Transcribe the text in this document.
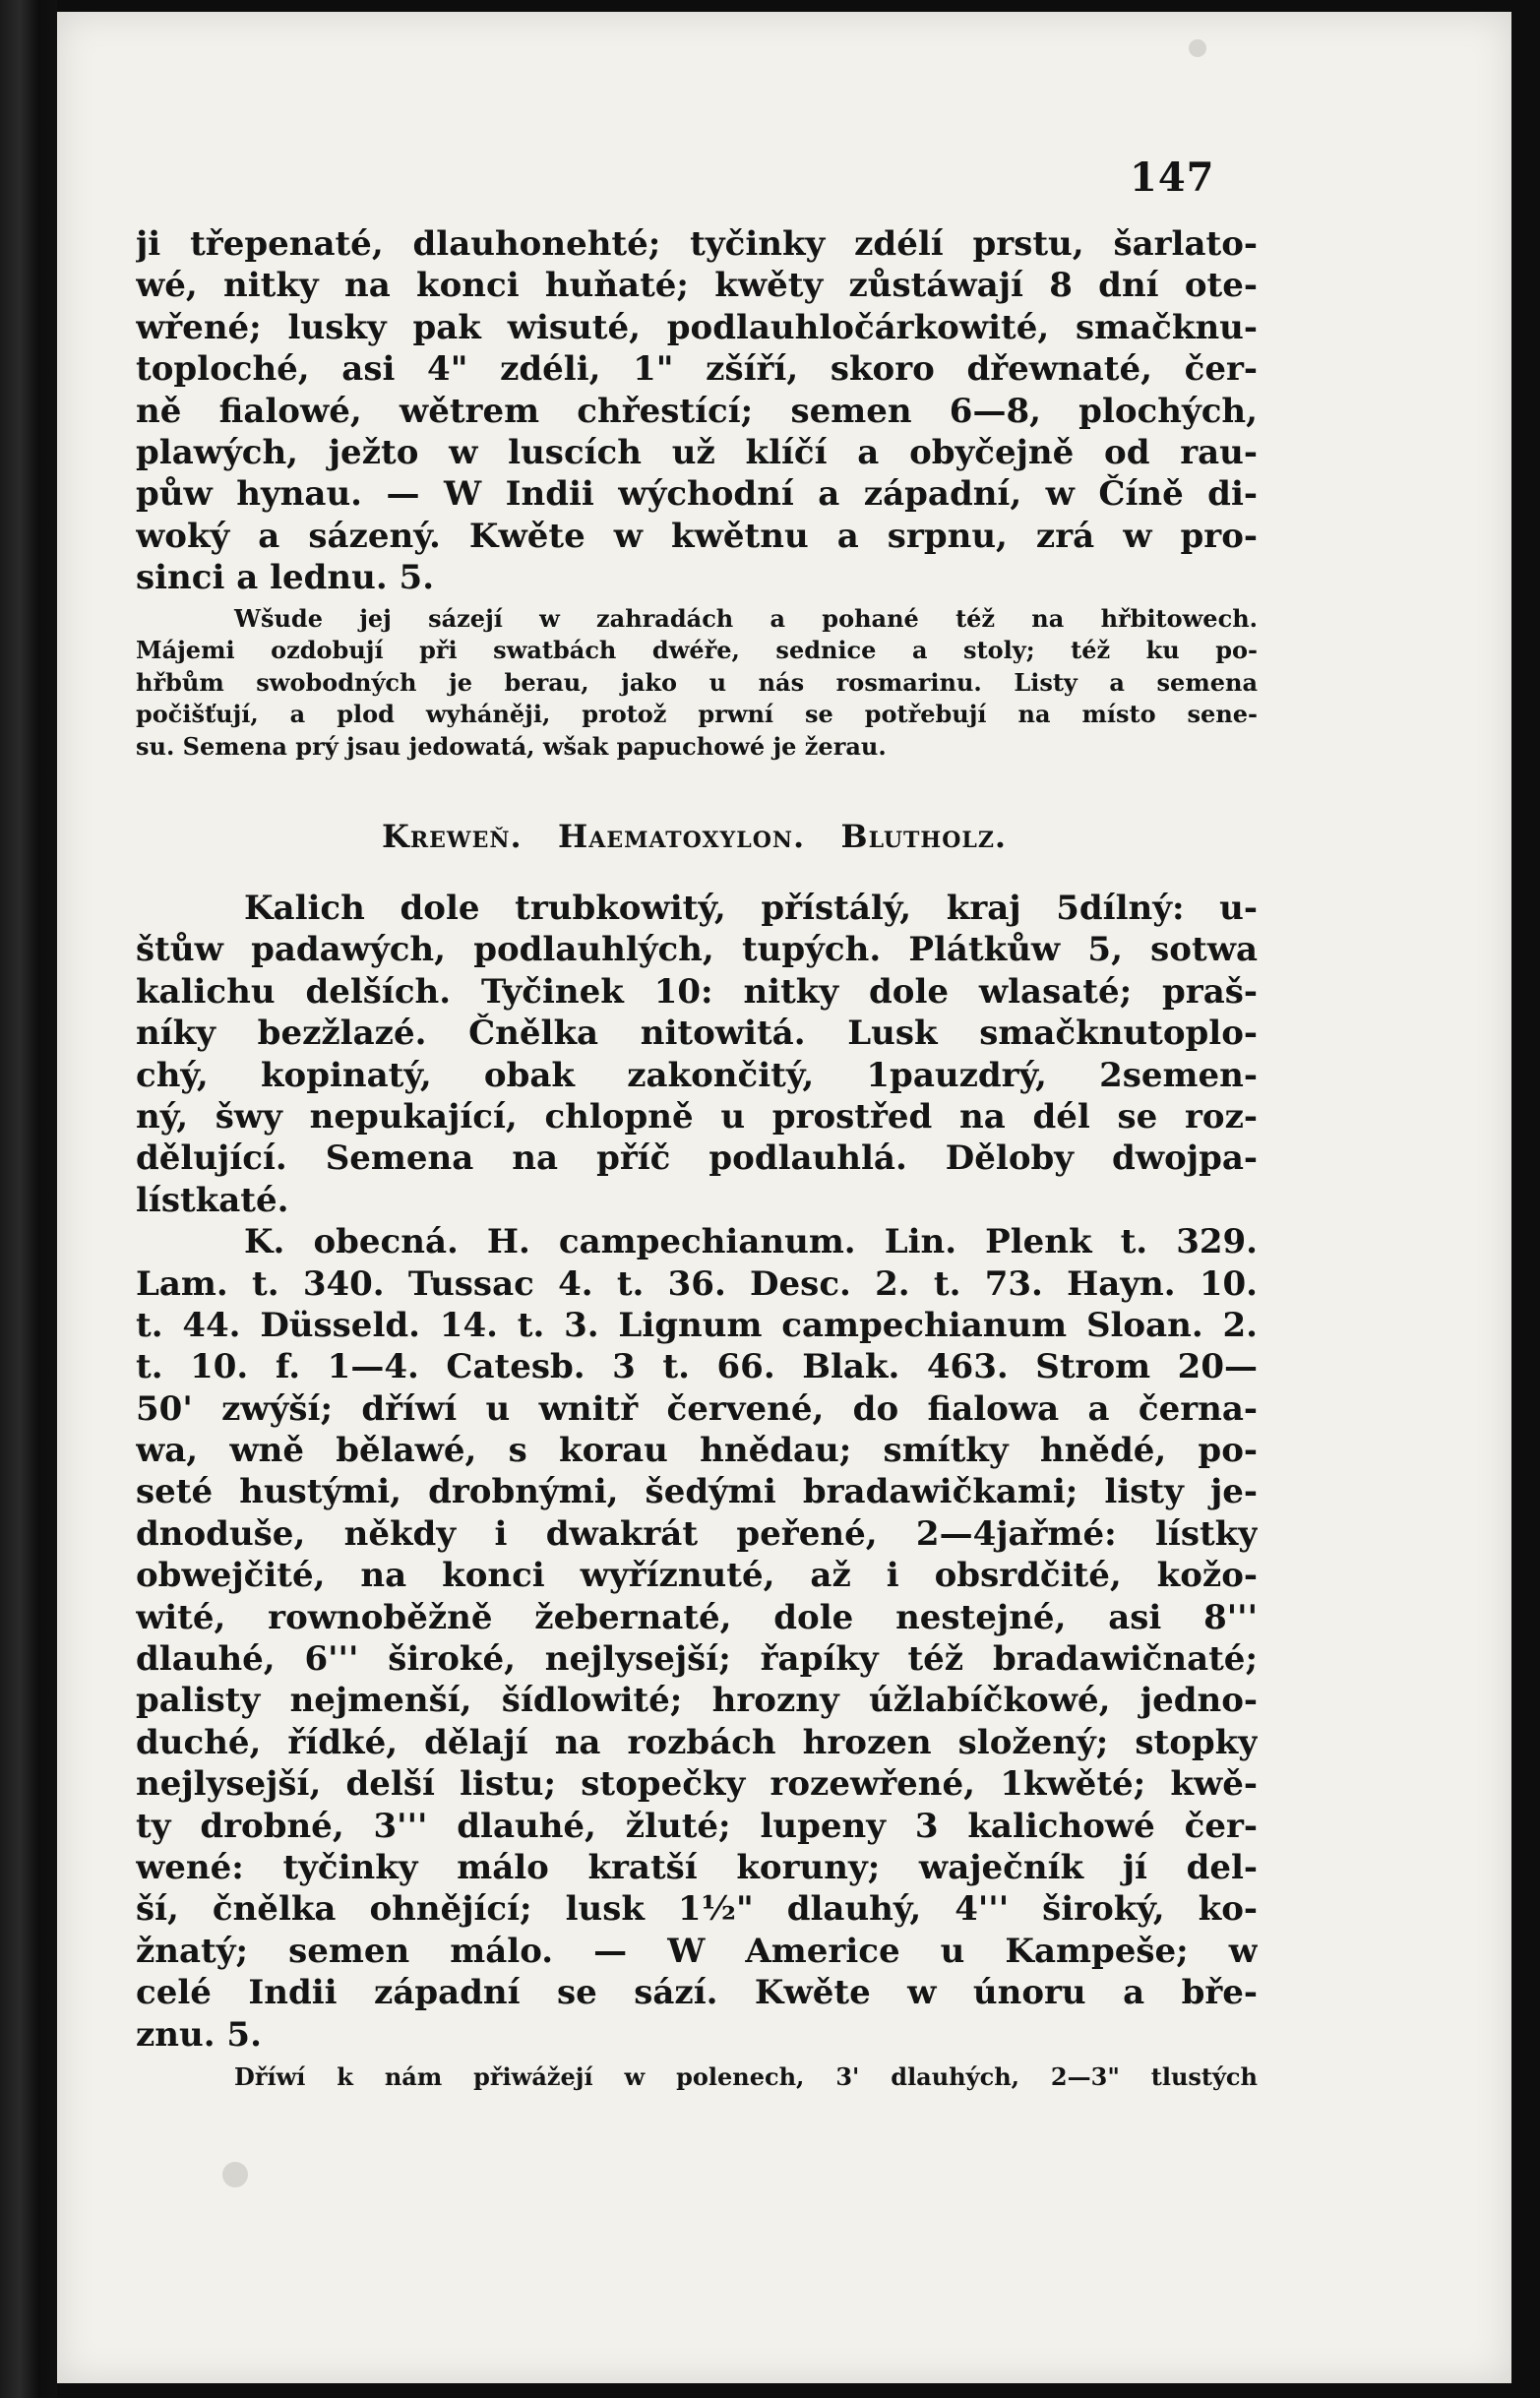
147
ji třepenaté, dlauhonehté; tyčinky zdélí prstu, šarlato-
wé, nitky na konci huňaté; kwěty zůstáwají 8 dní ote-
wřené; lusky pak wisuté, podlauhločárkowité, smačknu-
toploché, asi 4" zdéli, 1" zšíří, skoro dřewnaté, čer-
ně fialowé, wětrem chřestící; semen 6—8, plochých,
plawých, ježto w luscích už klíčí a obyčejně od rau-
půw hynau. — W Indii wýchodní a západní, w Číně di-
woký a sázený. Kwěte w kwětnu a srpnu, zrá w pro-
sinci a lednu. 5.
Wšude jej sázejí w zahradách a pohané též na hřbitowech.
Májemi ozdobují při swatbách dwéře, sednice a stoly; též ku po-
hřbům swobodných je berau, jako u nás rosmarinu. Listy a semena
počišťují, a plod wyháněji, protož prwní se potřebují na místo sene-
su. Semena prý jsau jedowatá, wšak papuchowé je žerau.
Kreweň. Haematoxylon. Blutholz.
Kalich dole trubkowitý, přístálý, kraj 5dílný: u-
štůw padawých, podlauhlých, tupých. Plátkůw 5, sotwa
kalichu delších. Tyčinek 10: nitky dole wlasaté; praš-
níky bezžlazé. Čnělka nitowitá. Lusk smačknutoplo-
chý, kopinatý, obak zakončitý, 1pauzdrý, 2semen-
ný, šwy nepukající, chlopně u prostřed na dél se roz-
dělující. Semena na příč podlauhlá. Děloby dwojpa-
lístkaté.
K. obecná. H. campechianum. Lin. Plenk t. 329.
Lam. t. 340. Tussac 4. t. 36. Desc. 2. t. 73. Hayn. 10.
t. 44. Düsseld. 14. t. 3. Lignum campechianum Sloan. 2.
t. 10. f. 1—4. Catesb. 3 t. 66. Blak. 463. Strom 20—
50' zwýší; dříwí u wnitř červené, do fialowa a černa-
wa, wně bělawé, s korau hnědau; smítky hnědé, po-
seté hustými, drobnými, šedými bradawičkami; listy je-
dnoduše, někdy i dwakrát peřené, 2—4jařmé: lístky
obwejčité, na konci wyříznuté, až i obsrdčité, kožo-
wité, rownoběžně žebernaté, dole nestejné, asi 8'''
dlauhé, 6''' široké, nejlysejší; řapíky též bradawičnaté;
palisty nejmenší, šídlowité; hrozny úžlabíčkowé, jedno-
duché, řídké, dělají na rozbách hrozen složený; stopky
nejlysejší, delší listu; stopečky rozewřené, 1kwěté; kwě-
ty drobné, 3''' dlauhé, žluté; lupeny 3 kalichowé čer-
wené: tyčinky málo kratší koruny; waječník jí del-
ší, čnělka ohnějící; lusk 1½" dlauhý, 4''' široký, ko-
žnatý; semen málo. — W Americe u Kampeše; w
celé Indii západní se sází. Kwěte w únoru a bře-
znu. 5.
Dříwí k nám přiwážejí w polenech, 3' dlauhých, 2—3" tlustých
